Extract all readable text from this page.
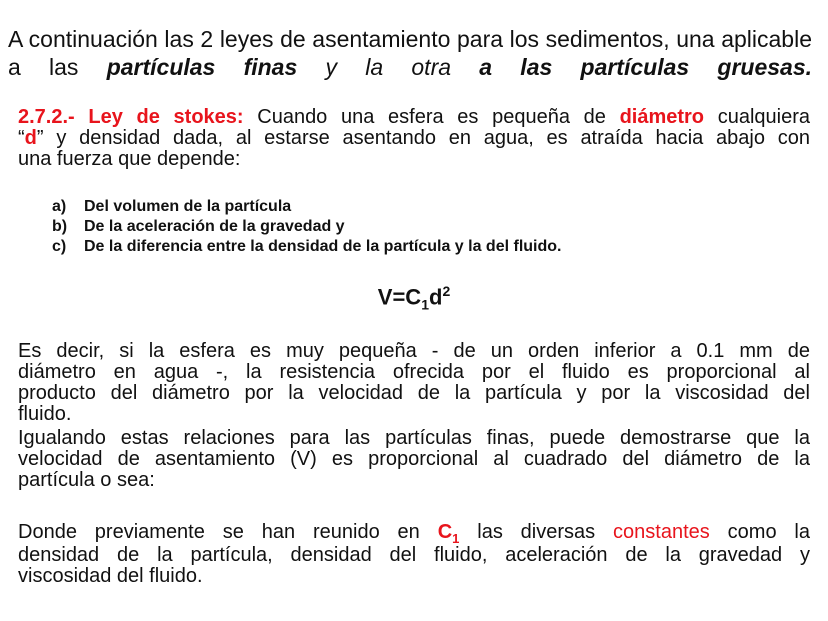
A continuación las 2 leyes de asentamiento para los sedimentos, una aplicable
a las partículas finas y la otra a las partículas gruesas.
2.7.2.- Ley de stokes: Cuando una esfera es pequeña de diámetro cualquiera
“d” y densidad dada, al estarse asentando en agua, es atraída hacia abajo con
una fuerza que depende:
a) Del volumen de la partícula
b) De la aceleración de la gravedad y
c) De la diferencia entre la densidad de la partícula y la del fluido.
$V=C_1d^2$
Es decir, si la esfera es muy pequeña - de un orden inferior a 0.1 mm de
diámetro en agua -, la resistencia ofrecida por el fluido es proporcional al
producto del diámetro por la velocidad de la partícula y por la viscosidad del
fluido.
Igualando estas relaciones para las partículas finas, puede demostrarse que la
velocidad de asentamiento (V) es proporcional al cuadrado del diámetro de la
partícula o sea:
Donde previamente se han reunido en $C_1$ las diversas constantes como la
densidad de la partícula, densidad del fluido, aceleración de la gravedad y
viscosidad del fluido.
